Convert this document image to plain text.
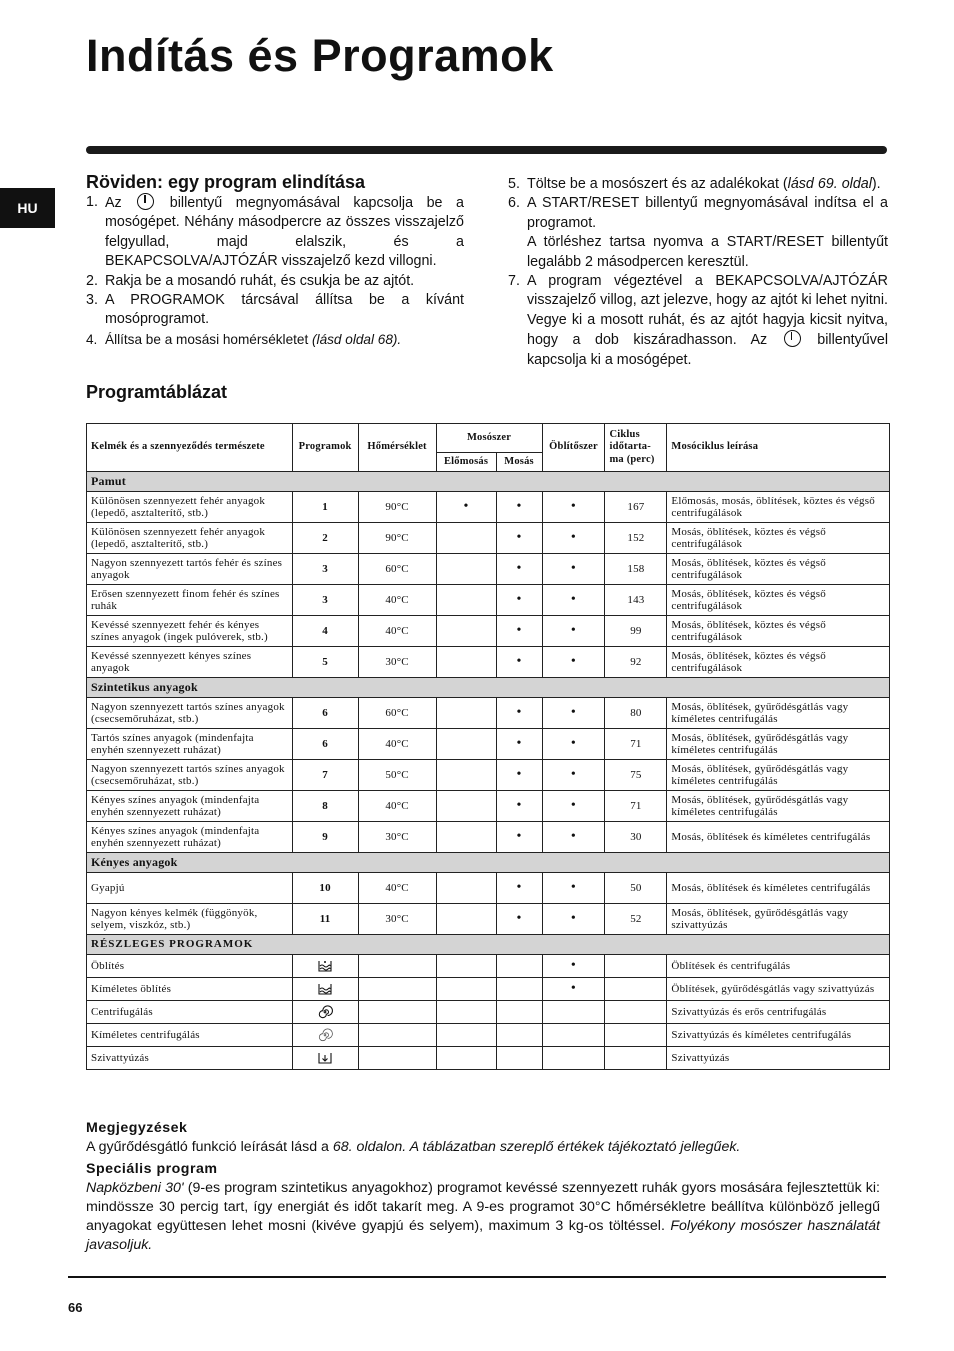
Indítás és Programok
HU
Röviden: egy program elindítása
1. Az	billentyű megnyomásával kapcsolja be a mosógépet. Néhány másodpercre az összes visszajelző felgyullad, majd elalszik, és a BEKAPCSOLVA/AJTÓZÁR visszajelző kezd villogni.
2. Rakja be a mosandó ruhát, és csukja be az ajtót.
3. A PROGRAMOK tárcsával állítsa be a kívánt mosóprogramot.
4. Állítsa be a mosási homérsékletet (lásd oldal 68).
5. Töltse be a mosószert és az adalékokat (lásd 69. oldal).
6. A START/RESET billentyű megnyomásával indítsa el a programot.
A törléshez tartsa nyomva a START/RESET billentyűt legalább 2 másodpercen keresztül.
7. A program végeztével a BEKAPCSOLVA/AJTÓZÁR visszajelző villog, azt jelezve, hogy az ajtót ki lehet nyitni. Vegye ki a mosott ruhát, és az ajtót hagyja kicsit nyitva, hogy a dob kiszáradhasson. Az	billentyűvel kapcsolja ki a mosógépet.
Programtáblázat
Kelmék és a szennyeződés természete	Programok	Hőmérséklet	Mosószer		Öblítőszer	Ciklus időtarta- ma (perc)	Mosóciklus leírása
			Előmosás	Mosás			
Pamut							
Különösen szennyezett fehér anyagok (lepedő, asztalterítő, stb.)	1	90°C	•	•	•	167	Előmosás, mosás, öblítések, köztes és végső centrifugálások
Különösen szennyezett fehér anyagok (lepedő, asztalterítő, stb.)	2	90°C		•	•	152	Mosás, öblítések, köztes és végső centrifugálások
Nagyon szennyezett tartós fehér és színes anyagok	3	60°C		•	•	158	Mosás, öblítések, köztes és végső centrifugálások
Erősen szennyezett finom fehér és színes ruhák	3	40°C		•	•	143	Mosás, öblítések, köztes és végső centrifugálások
Kevéssé szennyezett fehér és kényes színes anyagok (ingek pulóverek, stb.)	4	40°C		•	•	99	Mosás, öblítések, köztes és végső centrifugálások
Kevéssé szennyezett kényes színes anyagok	5	30°C		•	•	92	Mosás, öblítések, köztes és végső centrifugálások
Szintetikus anyagok							
Nagyon szennyezett tartós színes anyagok (csecsemőruházat, stb.)	6	60°C		•	•	80	Mosás, öblítések, gyűrődésgátlás vagy kíméletes centrifugálás
Tartós színes anyagok (mindenfajta enyhén szennyezett ruházat)	6	40°C		•	•	71	Mosás, öblítések, gyűrődésgátlás vagy kíméletes centrifugálás
Nagyon szennyezett tartós színes anyagok (csecsemőruházat, stb.)	7	50°C		•	•	75	Mosás, öblítések, gyűrődésgátlás vagy kíméletes centrifugálás
Kényes színes anyagok (mindenfajta enyhén szennyezett ruházat)	8	40°C		•	•	71	Mosás, öblítések, gyűrődésgátlás vagy kíméletes centrifugálás
Kényes színes anyagok (mindenfajta enyhén szennyezett ruházat)	9	30°C		•	•	30	Mosás, öblítések és kíméletes centrifugálás
Kényes anyagok							
Gyapjú	10	40°C		•	•	50	Mosás, öblítések és kíméletes centrifugálás
Nagyon kényes kelmék (függönyök, selyem, viszkóz, stb.)	11	30°C		•	•	52	Mosás, öblítések, gyűrődésgátlás vagy szivattyúzás
RÉSZLEGES PROGRAMOK							
Öblítés					•		Öblítések és centrifugálás
Kíméletes öblítés					•		Öblítések, gyűrődésgátlás vagy szivattyúzás
Centrifugálás							Szivattyúzás és erős centrifugálás
Kíméletes centrifugálás							Szivattyúzás és kíméletes centrifugálás
Szivattyúzás							Szivattyúzás
Megjegyzések

A gyűrődésgátló funkció leírását lásd a 68. oldalon. A táblázatban szereplő értékek tájékoztató jellegűek.

Speciális program

Napközbeni 30' (9-es program szintetikus anyagokhoz) programot kevéssé szennyezett ruhák gyors mosására fejlesztettük ki: mindössze 30 percig tart, így energiát és időt takarít meg. A 9-es programot 30°C hőmérsékletre beállítva különböző jellegű anyagokat együttesen lehet mosni (kivéve gyapjú és selyem), maximum 3 kg-os töltéssel. Folyékony mosószer használatát javasoljuk.

66
